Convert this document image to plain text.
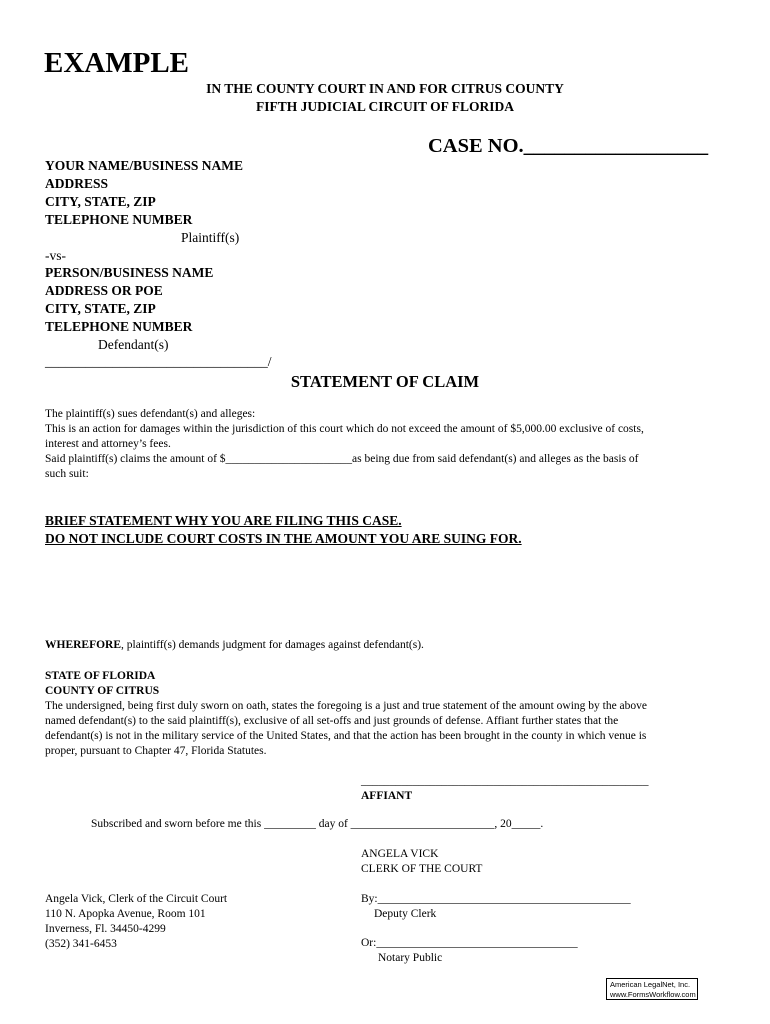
EXAMPLE
IN THE COUNTY COURT IN AND FOR CITRUS COUNTY
FIFTH JUDICIAL CIRCUIT OF FLORIDA
CASE NO.__________________
YOUR NAME/BUSINESS NAME
ADDRESS
CITY, STATE, ZIP
TELEPHONE NUMBER
Plaintiff(s)
-vs-
PERSON/BUSINESS NAME
ADDRESS OR POE
CITY, STATE, ZIP
TELEPHONE NUMBER
Defendant(s)
_________________________________/
STATEMENT OF CLAIM
The plaintiff(s) sues defendant(s) and alleges:
This is an action for damages within the jurisdiction of this court which do not exceed the amount of $5,000.00 exclusive of costs,
interest and attorney’s fees.
Said plaintiff(s) claims the amount of $______________________as being due from said defendant(s) and alleges as the basis of
such suit:
BRIEF STATEMENT WHY YOU ARE FILING THIS CASE.
DO NOT INCLUDE COURT COSTS IN THE AMOUNT YOU ARE SUING FOR.
WHEREFORE, plaintiff(s) demands judgment for damages against defendant(s).
STATE OF FLORIDA
COUNTY OF CITRUS
The undersigned, being first duly sworn on oath, states the foregoing is a just and true statement of the amount owing by the above
named defendant(s) to the said plaintiff(s), exclusive of all set-offs and just grounds of defense. Affiant further states that the
defendant(s) is not in the military service of the United States, and that the action has been brought in the county in which venue is
proper, pursuant to Chapter 47, Florida Statutes.
__________________________________________________
AFFIANT
Subscribed and sworn before me this _________ day of _________________________, 20_____.
ANGELA VICK
CLERK OF THE COURT
By:____________________________________________
Deputy Clerk
Or:___________________________________
Notary Public
Angela Vick, Clerk of the Circuit Court
110 N. Apopka Avenue, Room 101
Inverness, Fl. 34450-4299
(352) 341-6453
American LegalNet, Inc.
www.FormsWorkflow.com
